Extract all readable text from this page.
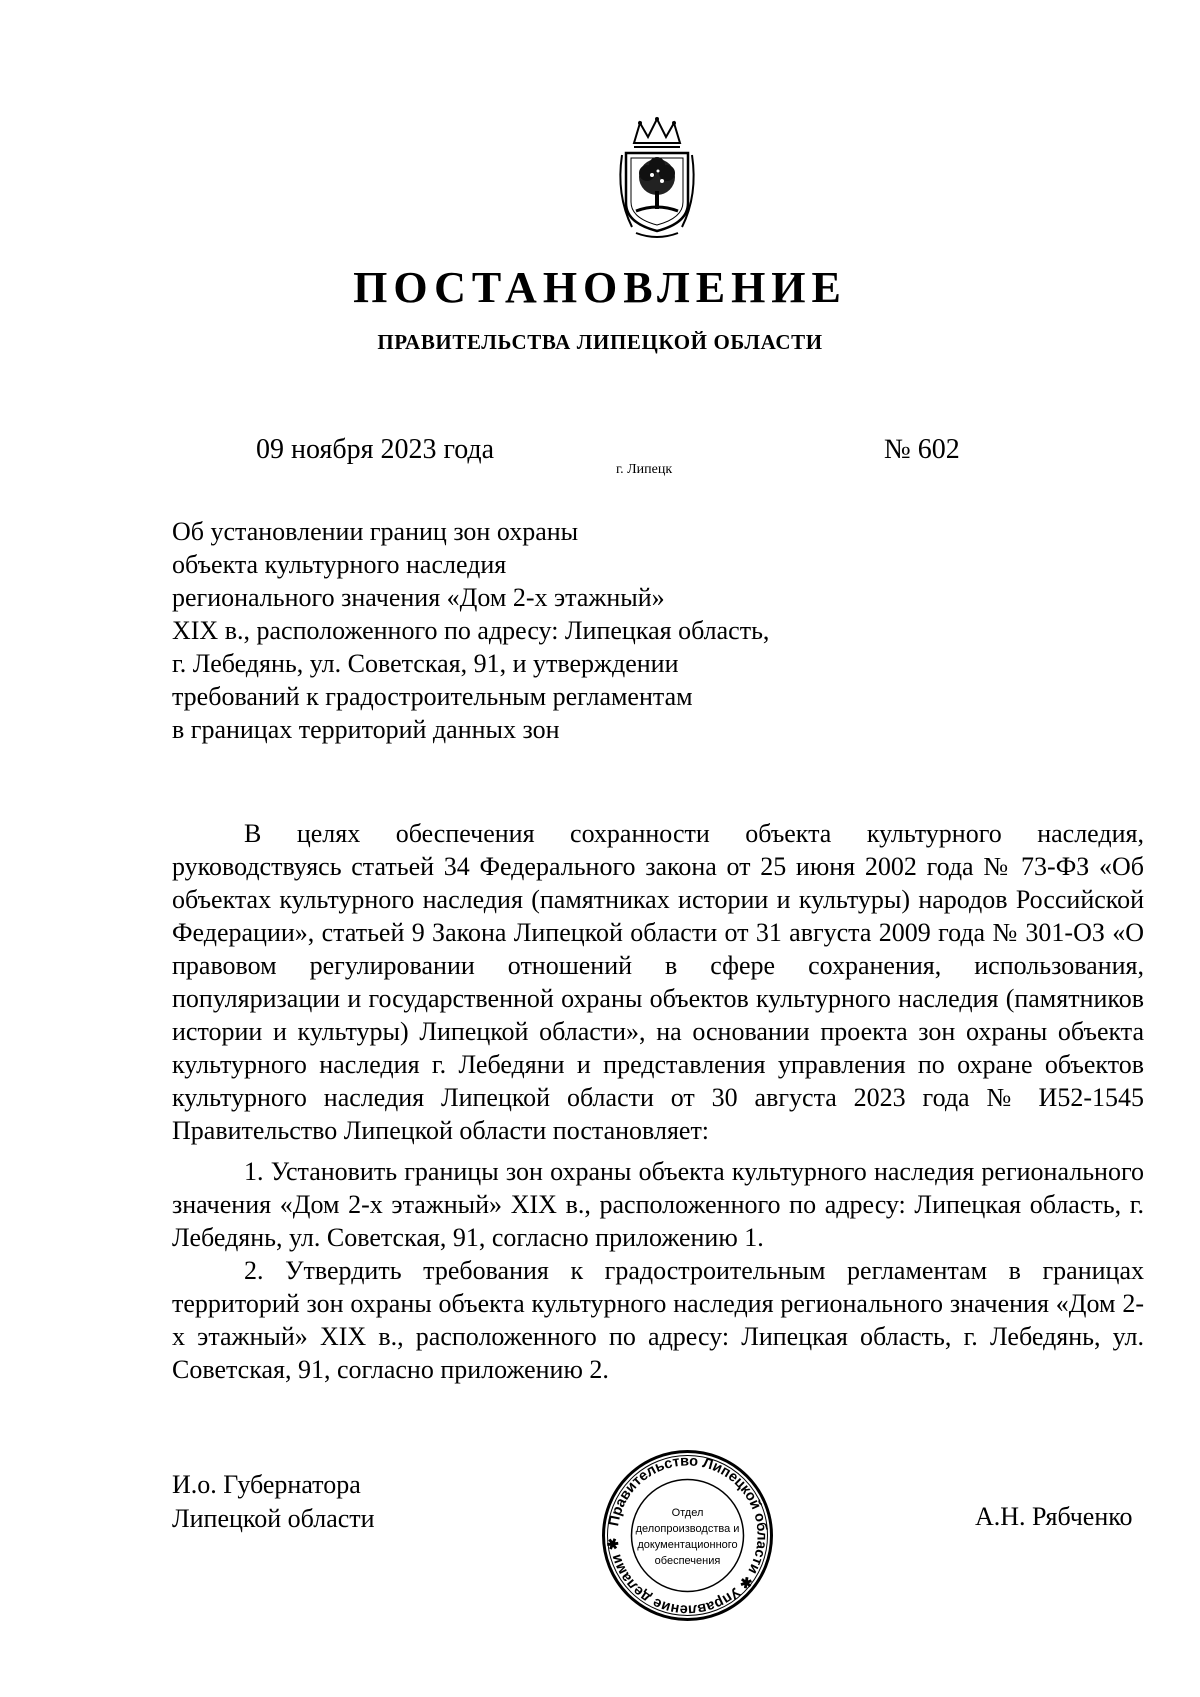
ПОСТАНОВЛЕНИЕ
ПРАВИТЕЛЬСТВА ЛИПЕЦКОЙ ОБЛАСТИ
09 ноября 2023 года
г. Липецк
№ 602
Об установлении границ зон охраны
объекта культурного наследия
регионального значения «Дом 2-х этажный»
XIX в., расположенного по адресу: Липецкая область,
г. Лебедянь, ул. Советская, 91, и утверждении
требований к градостроительным регламентам
в границах территорий данных зон

В целях обеспечения сохранности объекта культурного наследия, руководствуясь статьей 34 Федерального закона от 25 июня 2002 года № 73-ФЗ «Об объектах культурного наследия (памятниках истории и культуры) народов Российской Федерации», статьей 9 Закона Липецкой области от 31 августа 2009 года № 301-ОЗ «О правовом регулировании отношений в сфере сохранения, использования, популяризации и государственной охраны объектов культурного наследия (памятников истории и культуры) Липецкой области», на основании проекта зон охраны объекта культурного наследия г. Лебедяни и представления управления по охране объектов культурного наследия Липецкой области от 30 августа 2023 года № И52-1545 Правительство Липецкой области постановляет:

1. Установить границы зон охраны объекта культурного наследия регионального значения «Дом 2-х этажный» XIX в., расположенного по адресу: Липецкая область, г. Лебедянь, ул. Советская, 91, согласно приложению 1.

2. Утвердить требования к градостроительным регламентам в границах территорий зон охраны объекта культурного наследия регионального значения «Дом 2-х этажный» XIX в., расположенного по адресу: Липецкая область, г. Лебедянь, ул. Советская, 91, согласно приложению 2.

И.о. Губернатора
Липецкой области	А.Н. Рябченко
Правительство Липецкой области ✱ Управление делами ✱
Отдел
делопроизводства и
документационного
обеспечения
